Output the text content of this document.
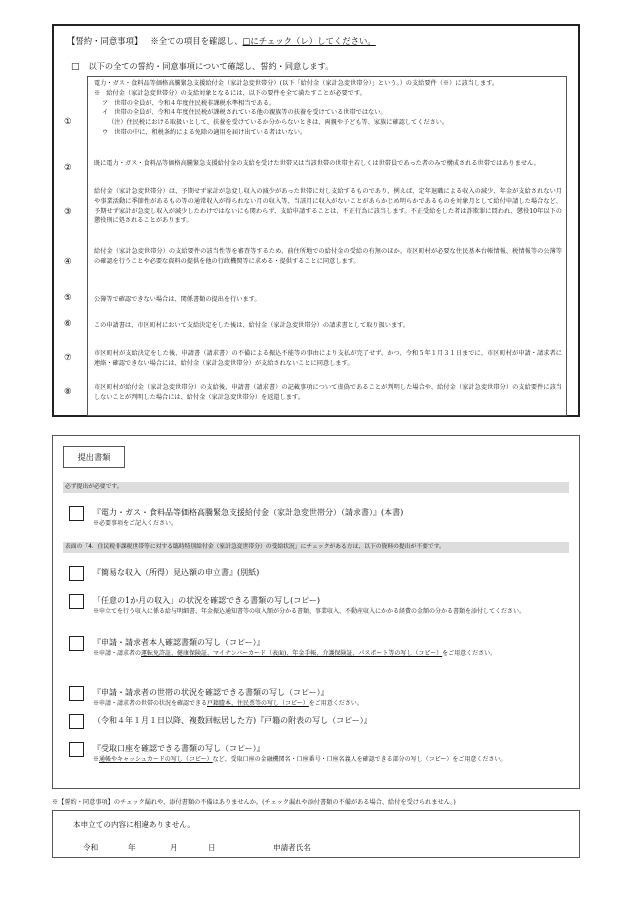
【誓約・同意事項】 ※全ての項目を確認し、□にチェック（レ）してください。
□ 以下の全ての誓約・同意事項について確認し、誓約・同意します。
①
電力・ガス・食料品等価格高騰緊急支援給付金（家計急変世帯分）(以下「給付金（家計急変世帯分）」という。）の支給要件（※）に該当します。
※　給付金（家計急変世帯分）の支給対象となるには、以下の要件を全て満たすことが必要です。
ア　世帯の全員が、令和４年度住民税非課税水準相当である。
イ　世帯の全員が、令和４年度住民税が課税されている他の親族等の扶養を受けている世帯ではない。
（注）住民税における取扱いとして、扶養を受けているか分からないときは、両親や子ども等、家族に確認してください。
ウ　世帯の中に、租税条約による免除の適用を届け出ている者はいない。
②	既に電力・ガス・食料品等価格高騰緊急支援給付金の支給を受けた世帯又は当該世帯の世帯主若しくは世帯員であった者のみで構成される世帯ではありません。
③
給付金（家計急変世帯分）は、予期せず家計が急変し収入の減少があった世帯に対し支給するものであり、例えば、定年退職による収入の減少、年金が支給されない月や事業活動に季節性があるもの等の通常収入が得られない月の収入等、当該月に収入がないことがあらかじめ明らかであるものを対象月として給付申請した場合など、予期せず家計が急変し収入が減少したわけではないにも関わらず、支給申請することは、不正行為に該当します。不正受給をした者は詐欺罪に問われ、懲役10年以下の懲役刑に処されることがあります。
④
給付金（家計急変世帯分）の支給要件の該当性等を審査等するため、前住所地での給付金の受給の有無のほか、市区町村が必要な住民基本台帳情報、税情報等の公簿等の確認を行うことや必要な資料の提供を他の行政機関等に求める・提供することに同意します。
⑤	公簿等で確認できない場合は、関係書類の提出を行います。
⑥	この申請書は、市区町村において支給決定をした後は、給付金（家計急変世帯分）の請求書として取り扱います。
⑦	市区町村が支給決定をした後、申請書（請求書）の不備による振込不能等の事由により支払が完了せず、かつ、令和５年１月３１日までに、市区町村が申請・請求者に連絡・確認できない場合には、給付金（家計急変世帯分）が支給されないことに同意します。
⑧	市区町村が給付金（家計急変世帯分）の支給後、申請書（請求書）の記載事項について虚偽であることが判明した場合や、給付金（家計急変世帯分）の支給要件に該当しないことが判明した場合には、給付金（家計急変世帯分）を返還します。
提出書類
必ず提出が必要です。
『電力・ガス・食料品等価格高騰緊急支援給付金（家計急変世帯分）（請求書）』(本書)
※必要事項をご記入ください。
表面の「4．住民税非課税世帯等に対する臨時特別給付金（家計急変世帯分）の受給状況」にチェックがある方は、以下の資料の提出が不要です。
『簡易な収入（所得）見込額の申立書』(別紙)
「任意の1か月の収入」の状況を確認できる書類の写し(コピー)
※申立てを行う収入に係る給与明細書、年金振込通知書等の収入額が分かる書類、事業収入、不動産収入にかかる経費の金額の分かる書類を添付してください。
『申請・請求者本人確認書類の写し（コピー）』
※申請・請求者の運転免許証、健康保険証、マイナンバーカード（表面)、年金手帳、介護保険証、パスポート等の写し（コピー）をご用意ください。
『申請・請求者の世帯の状況を確認できる書類の写し（コピー）』
※申請・請求者の世帯の状況を確認できる戸籍謄本、住民票等の写し（コピー）をご用意ください。
（令和４年１月１日以降、複数回転居した方)『戸籍の附表の写し（コピー）』
『受取口座を確認できる書類の写し（コピー）』
※通帳やキャッシュカードの写し（コピー）など、受取口座の金融機関名・口座番号・口座名義人を確認できる部分の写し（コピー）をご用意ください。
※【誓約・同意事項】のチェック漏れや、添付書類の不備はありませんか。(チェック漏れや添付書類の不備がある場合、給付を受けられません。)
本申立ての内容に相違ありません。
令和	年	月	日	申請者氏名
